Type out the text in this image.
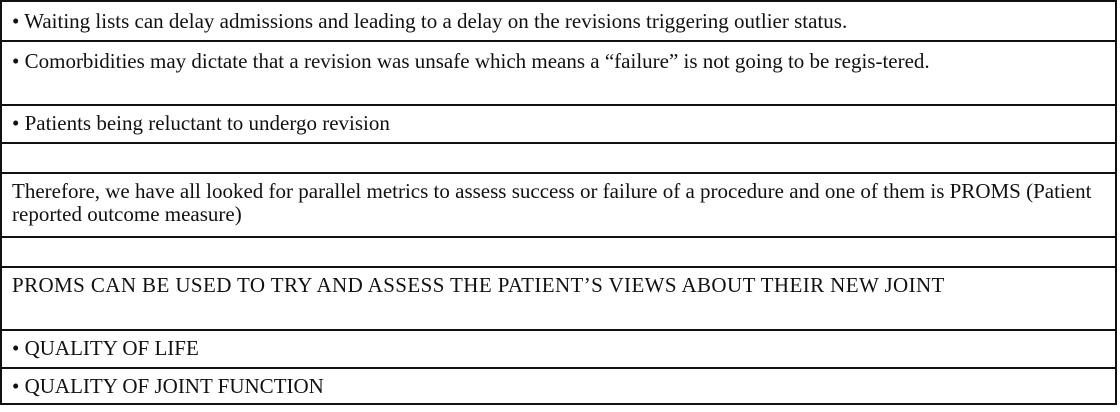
• Waiting lists can delay admissions and leading to a delay on the revisions triggering outlier status.
• Comorbidities may dictate that a revision was unsafe which means a “failure” is not going to be regis-tered.
• Patients being reluctant to undergo revision
Therefore, we have all looked for parallel metrics to assess success or failure of a procedure and one of them is PROMS (Patient reported outcome measure)
PROMS CAN BE USED TO TRY AND ASSESS THE PATIENT’S VIEWS ABOUT THEIR NEW JOINT
• QUALITY OF LIFE
• QUALITY OF JOINT FUNCTION
